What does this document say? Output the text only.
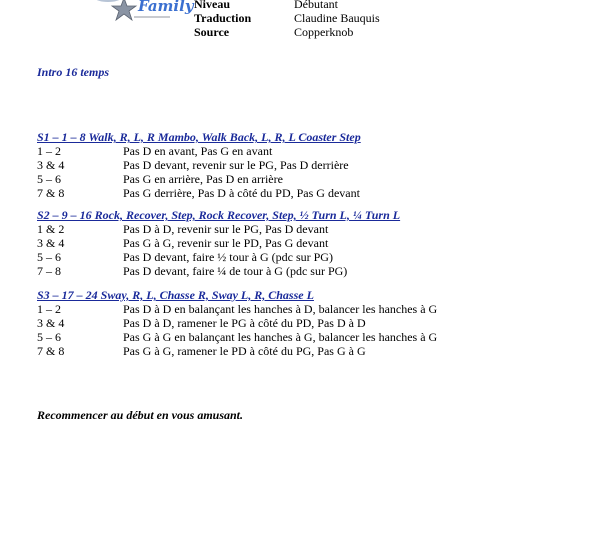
Family Niveau	Débutant
Traduction	Claudine Bauquis
Source	Copperknob
Intro 16 temps
S1 – 1 – 8 Walk, R, L, R Mambo, Walk Back, L, R, L Coaster Step
1 – 2	Pas D en avant, Pas G en avant
3 & 4	Pas D devant, revenir sur le PG, Pas D derrière
5 – 6	Pas G en arrière, Pas D en arrière
7 & 8	Pas G derrière, Pas D à côté du PD, Pas G devant
S2 – 9 – 16 Rock, Recover, Step, Rock Recover, Step, ½ Turn L, ¼ Turn L
1 & 2	Pas D à D, revenir sur le PG, Pas D devant
3 & 4	Pas G à G, revenir sur le PD, Pas G devant
5 – 6	Pas D devant, faire ½ tour à G (pdc sur PG)
7 – 8	Pas D devant, faire ¼ de tour à G (pdc sur PG)
S3 – 17 – 24 Sway, R, L, Chasse R, Sway L, R, Chasse L
1 – 2	Pas D à D en balançant les hanches à D, balancer les hanches à G
3 & 4	Pas D à D, ramener le PG à côté du PD, Pas D à D
5 – 6	Pas G à G en balançant les hanches à G, balancer les hanches à G
7 & 8	Pas G à G, ramener le PD à côté du PG, Pas G à G
Recommencer au début en vous amusant.
